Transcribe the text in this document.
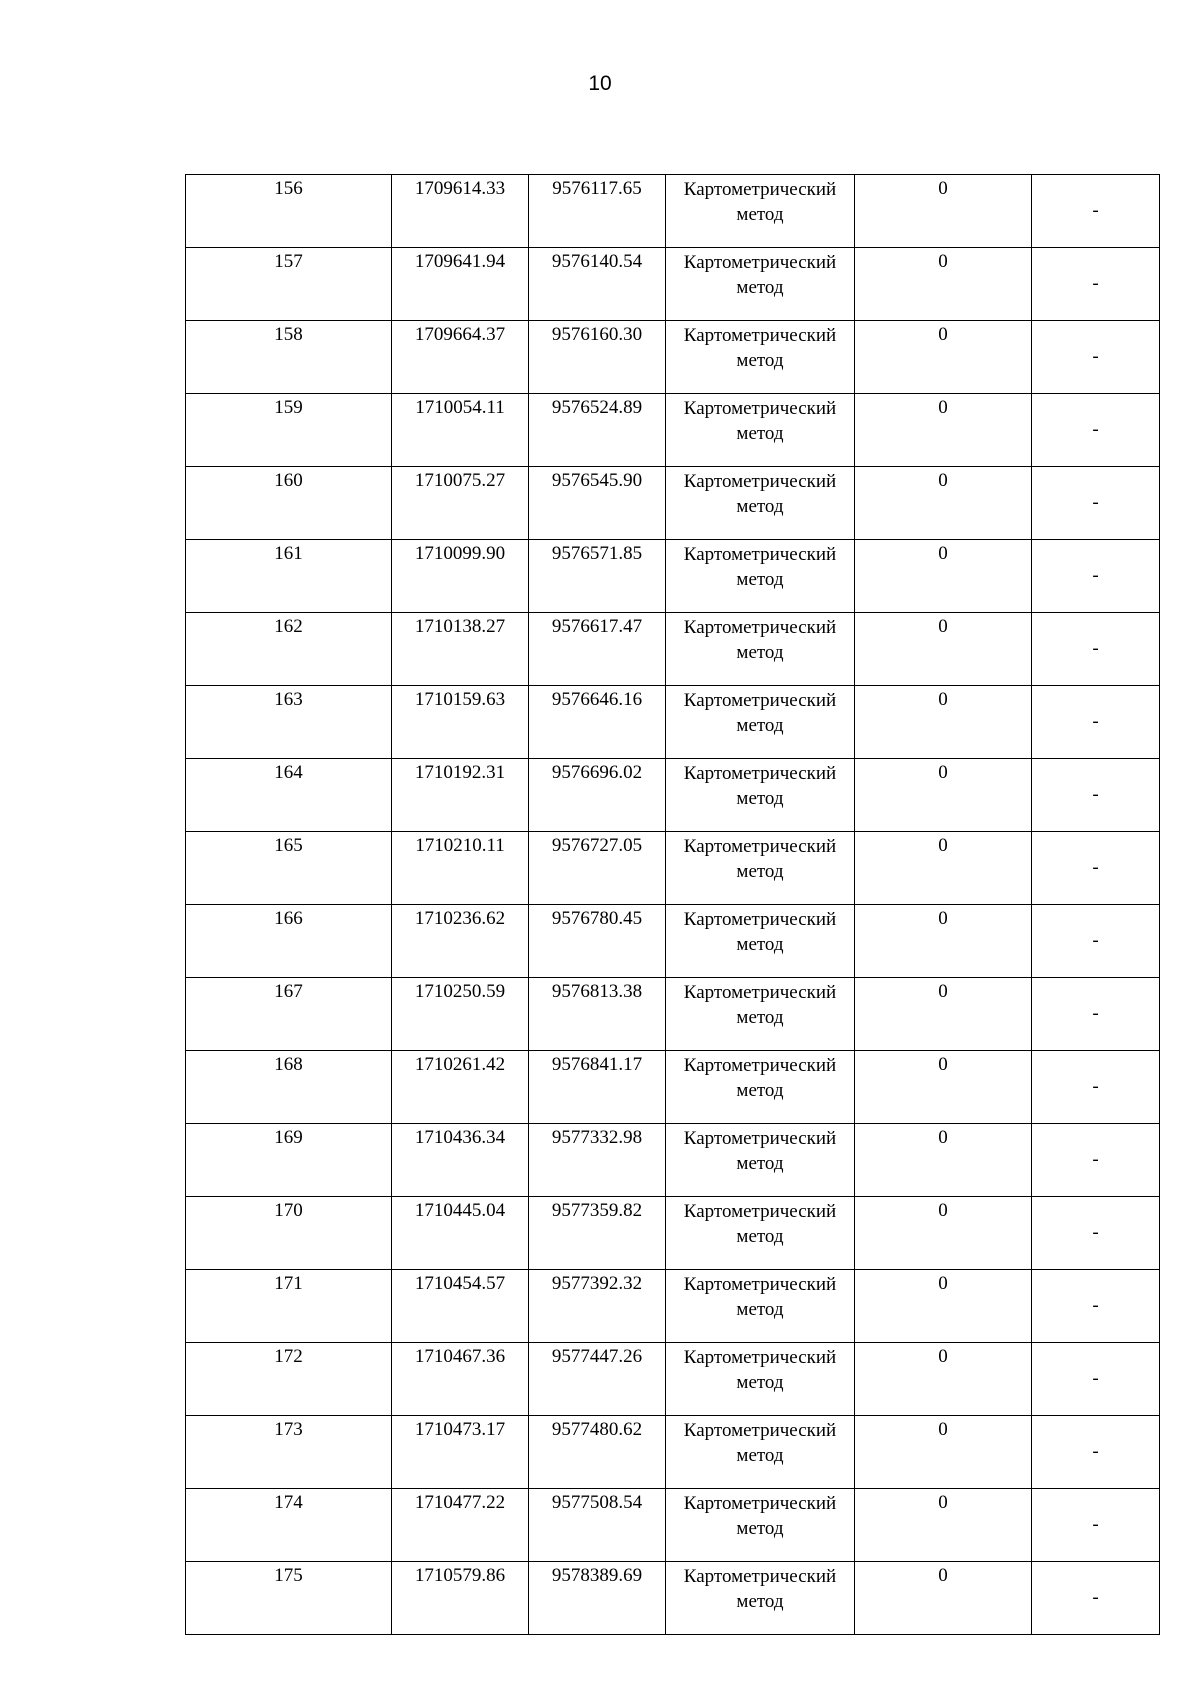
10
156	1709614.33	9576117.65	Картометрический метод	0	-
157	1709641.94	9576140.54	Картометрический метод	0	-
158	1709664.37	9576160.30	Картометрический метод	0	-
159	1710054.11	9576524.89	Картометрический метод	0	-
160	1710075.27	9576545.90	Картометрический метод	0	-
161	1710099.90	9576571.85	Картометрический метод	0	-
162	1710138.27	9576617.47	Картометрический метод	0	-
163	1710159.63	9576646.16	Картометрический метод	0	-
164	1710192.31	9576696.02	Картометрический метод	0	-
165	1710210.11	9576727.05	Картометрический метод	0	-
166	1710236.62	9576780.45	Картометрический метод	0	-
167	1710250.59	9576813.38	Картометрический метод	0	-
168	1710261.42	9576841.17	Картометрический метод	0	-
169	1710436.34	9577332.98	Картометрический метод	0	-
170	1710445.04	9577359.82	Картометрический метод	0	-
171	1710454.57	9577392.32	Картометрический метод	0	-
172	1710467.36	9577447.26	Картометрический метод	0	-
173	1710473.17	9577480.62	Картометрический метод	0	-
174	1710477.22	9577508.54	Картометрический метод	0	-
175	1710579.86	9578389.69	Картометрический метод	0	-
